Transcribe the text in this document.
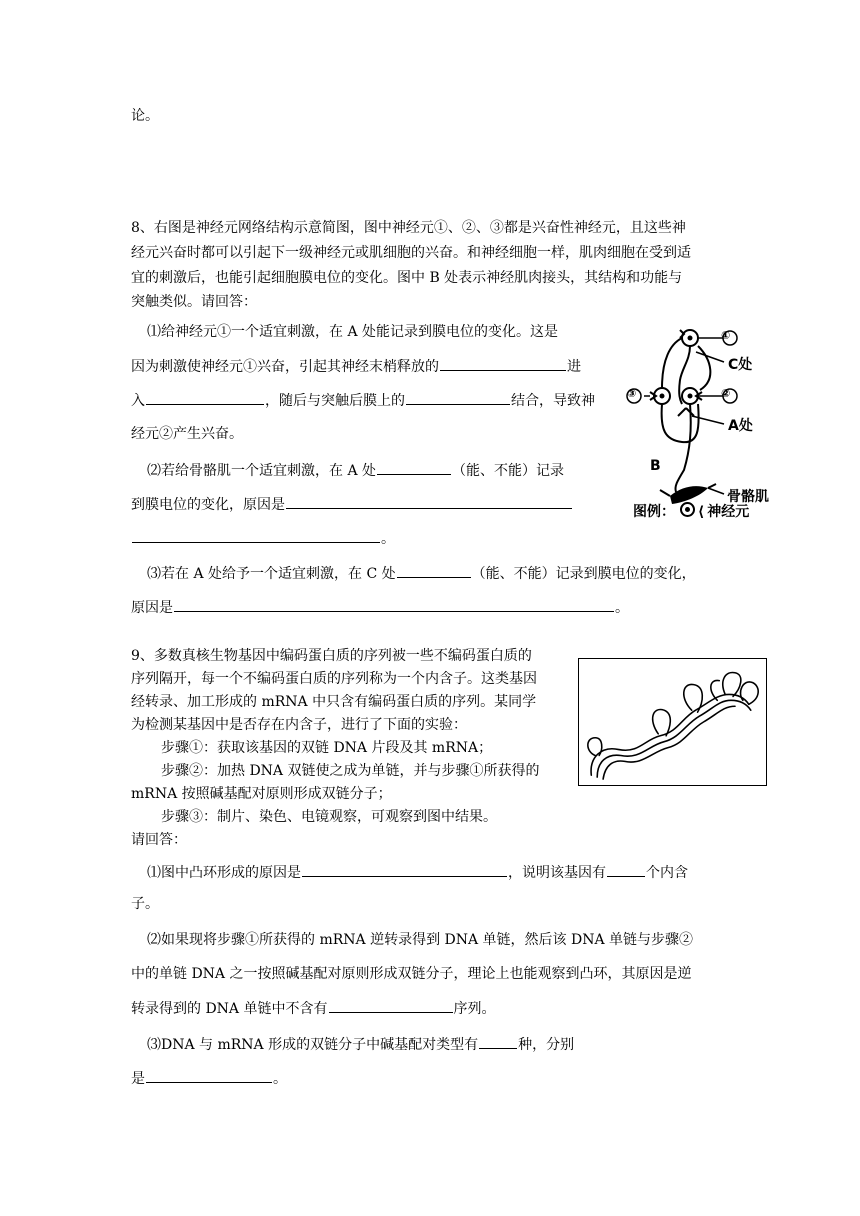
论。
8、右图是神经元网络结构示意简图，图中神经元①、②、③都是兴奋性神经元，且这些神
经元兴奋时都可以引起下一级神经元或肌细胞的兴奋。和神经细胞一样，肌肉细胞在受到适
宜的刺激后，也能引起细胞膜电位的变化。图中 B 处表示神经肌肉接头，其结构和功能与
突触类似。请回答：
⑴给神经元①一个适宜刺激，在 A 处能记录到膜电位的变化。这是
因为刺激使神经元①兴奋，引起其神经末梢释放的	进
入	，随后与突触后膜上的	结合，导致神
经元②产生兴奋。
⑵若给骨骼肌一个适宜刺激，在 A 处	（能、不能）记录
到膜电位的变化，原因是
。
⑶若在 A 处给予一个适宜刺激，在 C 处	（能、不能）记录到膜电位的变化，
原因是	。
①
②
③
C处
A处
B
骨骼肌
图例： ⟨ 神经元
9、多数真核生物基因中编码蛋白质的序列被一些不编码蛋白质的
序列隔开，每一个不编码蛋白质的序列称为一个内含子。这类基因
经转录、加工形成的 mRNA 中只含有编码蛋白质的序列。某同学
为检测某基因中是否存在内含子，进行了下面的实验：
步骤①：获取该基因的双链 DNA 片段及其 mRNA；
步骤②：加热 DNA 双链使之成为单链，并与步骤①所获得的
mRNA 按照碱基配对原则形成双链分子；
步骤③：制片、染色、电镜观察，可观察到图中结果。
请回答：
⑴图中凸环形成的原因是	，说明该基因有	个内含
子。
⑵如果现将步骤①所获得的 mRNA 逆转录得到 DNA 单链，然后该 DNA 单链与步骤②
中的单链 DNA 之一按照碱基配对原则形成双链分子，理论上也能观察到凸环，其原因是逆
转录得到的 DNA 单链中不含有	序列。
⑶DNA 与 mRNA 形成的双链分子中碱基配对类型有	种，分别
是	。
